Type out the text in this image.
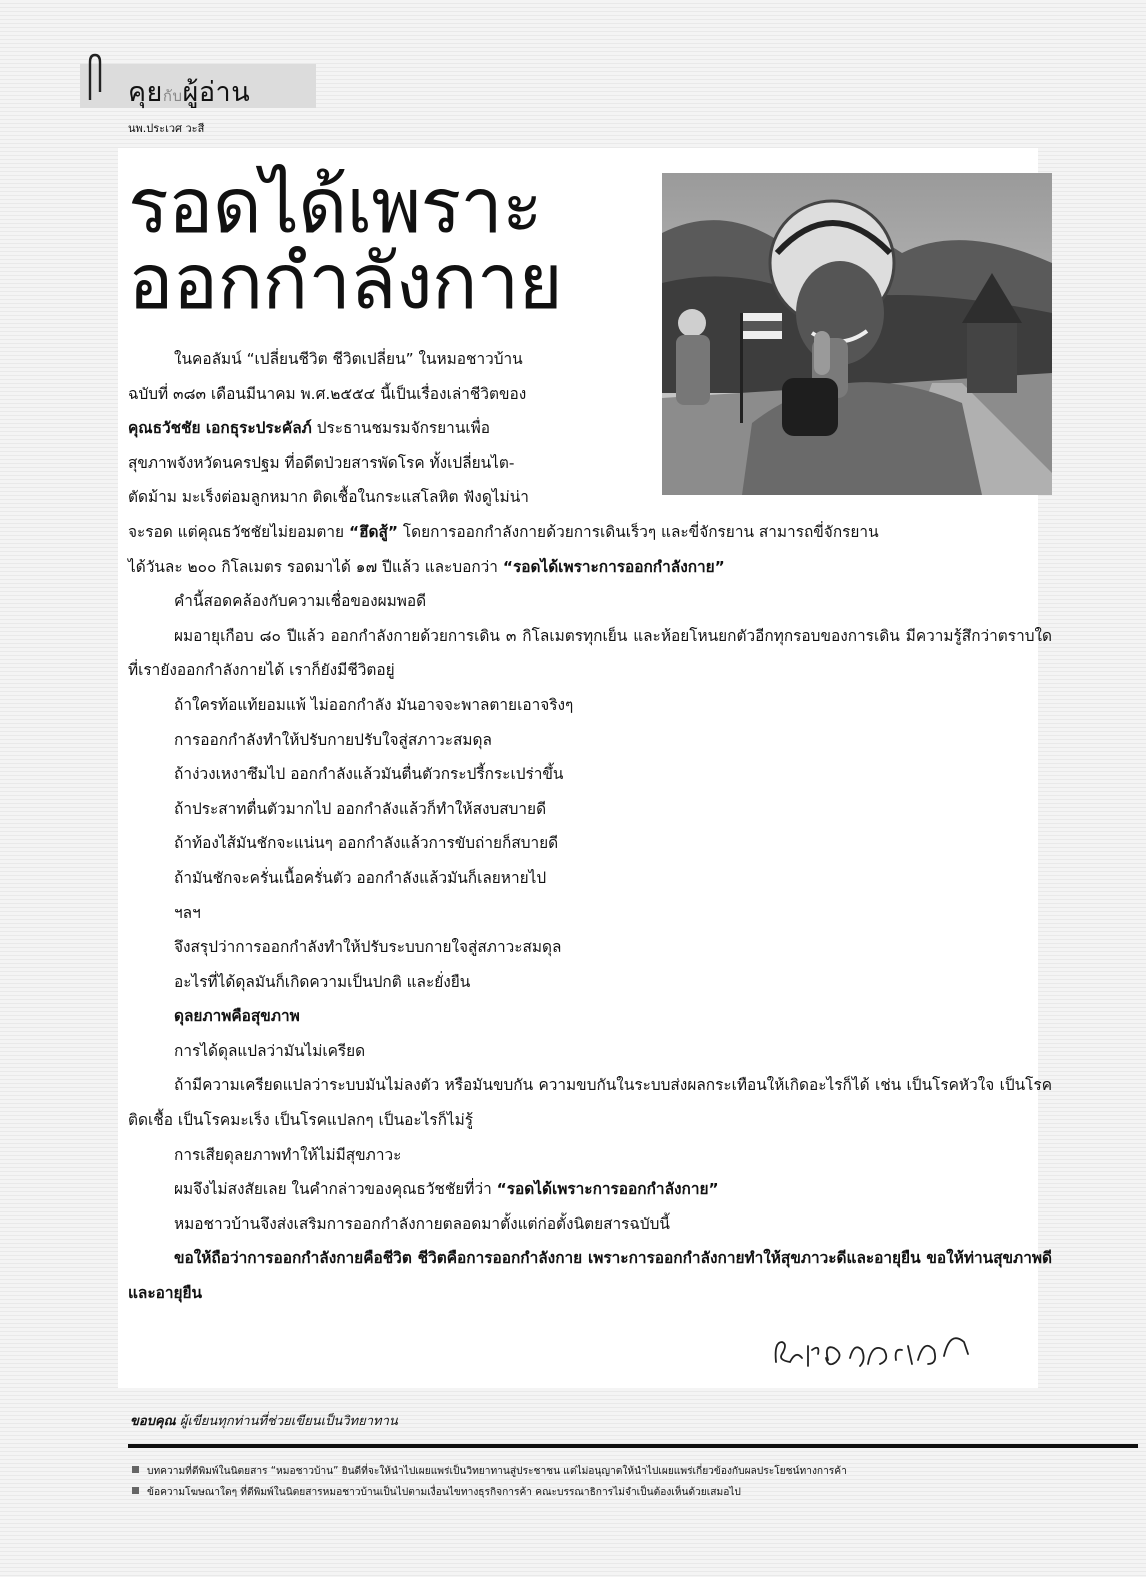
คุยกับผู้อ่าน
นพ.ประเวศ วะสี
รอดได้เพราะ
ออกกำลังกาย

ในคอลัมน์ “เปลี่ยนชีวิต ชีวิตเปลี่ยน” ในหมอชาวบ้าน

ฉบับที่ ๓๘๓ เดือนมีนาคม พ.ศ.๒๕๕๔ นี้เป็นเรื่องเล่าชีวิตของ

คุณธวัชชัย เอกธุระประคัลภ์ ประธานชมรมจักรยานเพื่อ

สุขภาพจังหวัดนครปฐม ที่อดีตป่วยสารพัดโรค ทั้งเปลี่ยนไต-

ตัดม้าม มะเร็งต่อมลูกหมาก ติดเชื้อในกระแสโลหิต ฟังดูไม่น่า

จะรอด แต่คุณธวัชชัยไม่ยอมตาย “ฮึดสู้” โดยการออกกำลังกายด้วยการเดินเร็วๆ และขี่จักรยาน สามารถขี่จักรยาน

ได้วันละ ๒๐๐ กิโลเมตร รอดมาได้ ๑๗ ปีแล้ว และบอกว่า “รอดได้เพราะการออกกำลังกาย”

คำนี้สอดคล้องกับความเชื่อของผมพอดี

ผมอายุเกือบ ๘๐ ปีแล้ว ออกกำลังกายด้วยการเดิน ๓ กิโลเมตรทุกเย็น และห้อยโหนยกตัวอีกทุกรอบของการเดิน มีความรู้สึกว่าตราบใดที่เรายังออกกำลังกายได้ เราก็ยังมีชีวิตอยู่

ถ้าใครท้อแท้ยอมแพ้ ไม่ออกกำลัง มันอาจจะพาลตายเอาจริงๆ

การออกกำลังทำให้ปรับกายปรับใจสู่สภาวะสมดุล

ถ้าง่วงเหงาซึมไป ออกกำลังแล้วมันตื่นตัวกระปรี้กระเปร่าขึ้น

ถ้าประสาทตื่นตัวมากไป ออกกำลังแล้วก็ทำให้สงบสบายดี

ถ้าท้องไส้มันชักจะแน่นๆ ออกกำลังแล้วการขับถ่ายก็สบายดี

ถ้ามันชักจะครั่นเนื้อครั่นตัว ออกกำลังแล้วมันก็เลยหายไป

ฯลฯ

จึงสรุปว่าการออกกำลังทำให้ปรับระบบกายใจสู่สภาวะสมดุล

อะไรที่ได้ดุลมันก็เกิดความเป็นปกติ และยั่งยืน

ดุลยภาพคือสุขภาพ

การได้ดุลแปลว่ามันไม่เครียด

ถ้ามีความเครียดแปลว่าระบบมันไม่ลงตัว หรือมันขบกัน ความขบกันในระบบส่งผลกระเทือนให้เกิดอะไรก็ได้ เช่น เป็นโรคหัวใจ เป็นโรคติดเชื้อ เป็นโรคมะเร็ง เป็นโรคแปลกๆ เป็นอะไรก็ไม่รู้

การเสียดุลยภาพทำให้ไม่มีสุขภาวะ

ผมจึงไม่สงสัยเลย ในคำกล่าวของคุณธวัชชัยที่ว่า “รอดได้เพราะการออกกำลังกาย”

หมอชาวบ้านจึงส่งเสริมการออกกำลังกายตลอดมาตั้งแต่ก่อตั้งนิตยสารฉบับนี้

ขอให้ถือว่าการออกกำลังกายคือชีวิต ชีวิตคือการออกกำลังกาย เพราะการออกกำลังกายทำให้สุขภาวะดีและอายุยืน ขอให้ท่านสุขภาพดีและอายุยืน

ขอบคุณ ผู้เขียนทุกท่านที่ช่วยเขียนเป็นวิทยาทาน
บทความที่ตีพิมพ์ในนิตยสาร “หมอชาวบ้าน” ยินดีที่จะให้นำไปเผยแพร่เป็นวิทยาทานสู่ประชาชน แต่ไม่อนุญาตให้นำไปเผยแพร่เกี่ยวข้องกับผลประโยชน์ทางการค้า
ข้อความโฆษณาใดๆ ที่ตีพิมพ์ในนิตยสารหมอชาวบ้านเป็นไปตามเงื่อนไขทางธุรกิจการค้า คณะบรรณาธิการไม่จำเป็นต้องเห็นด้วยเสมอไป
